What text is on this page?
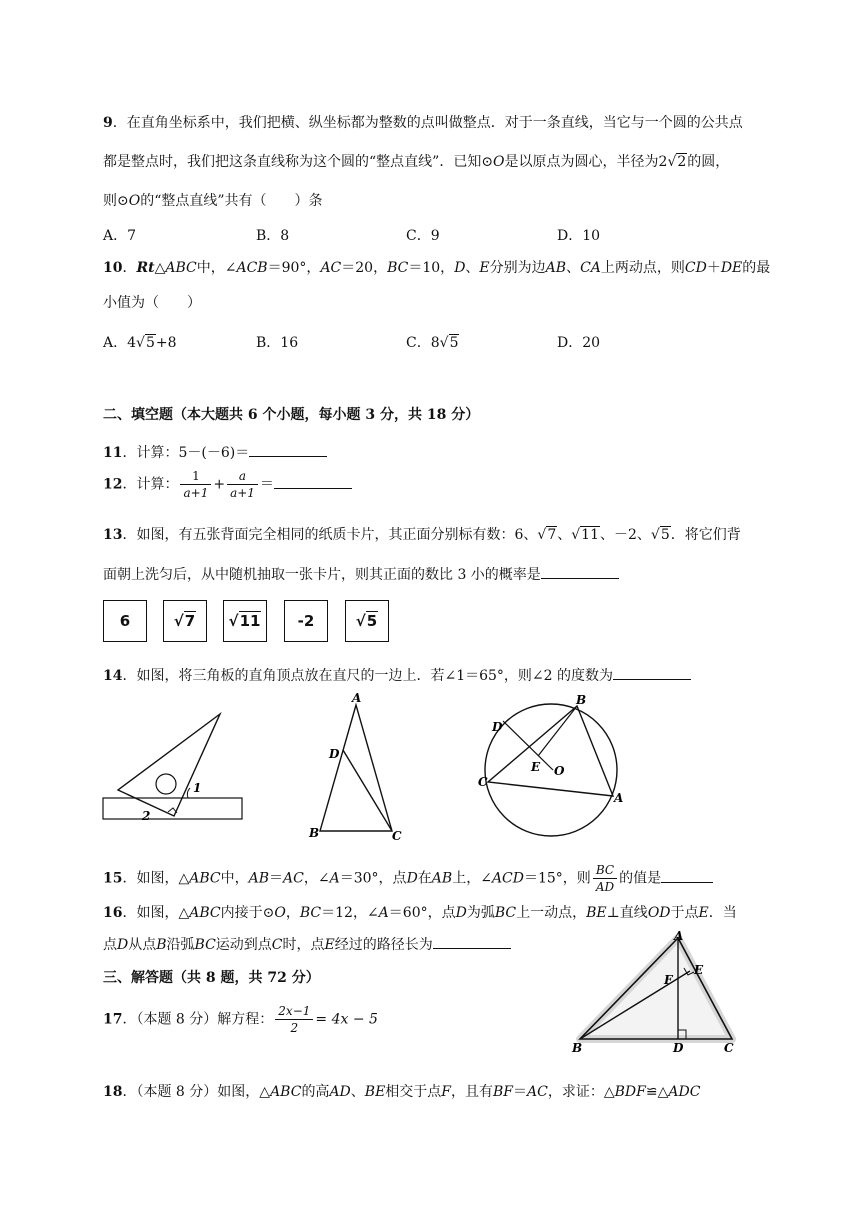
9．在直角坐标系中，我们把横、纵坐标都为整数的点叫做整点．对于一条直线，当它与一个圆的公共点
都是整点时，我们把这条直线称为这个圆的“整点直线”．已知⊙O是以原点为圆心，半径为2√2的圆，
则⊙O的“整点直线”共有（　　）条
A．7	B．8	C．9	D．10
10．Rt△ABC中，∠ACB＝90°，AC＝20，BC＝10，D、E分别为边AB、CA上两动点，则CD＋DE的最
小值为（　　）
A．4√5+8	B．16	C．8√5	D．20
二、填空题（本大题共 6 个小题，每小题 3 分，共 18 分）
11．计算：5－(－6)＝
12．计算： $\frac{1}{a+1} + \frac{a}{a+1}$ ＝
13．如图，有五张背面完全相同的纸质卡片，其正面分别标有数：6、√7、√11、－2、√5．将它们背
面朝上洗匀后，从中随机抽取一张卡片，则其正面的数比 3 小的概率是
6	√7 √11 -2	√5
14．如图，将三角板的直角顶点放在直尺的一边上．若∠1＝65°，则∠2 的度数为
1
2
A
D
B	C
B
D
E O
C
A
15．如图，△ABC中，AB＝AC，∠A＝30°，点D在AB上，∠ACD＝15°，则 $\frac{BC}{AD}$ 的值是
16．如图，△ABC内接于⊙O，BC＝12，∠A＝60°，点D为弧BC上一动点，BE⊥直线OD于点E．当
点D从点B沿弧BC运动到点C时，点E经过的路径长为
三、解答题（共 8 题，共 72 分）
17．（本题 8 分）解方程： $\frac{2x-1}{2} = 4x - 5$
A
E
F
B	D	C
18．（本题 8 分）如图，△ABC的高AD、BE相交于点F，且有BF＝AC，求证：△BDF≌△ADC
